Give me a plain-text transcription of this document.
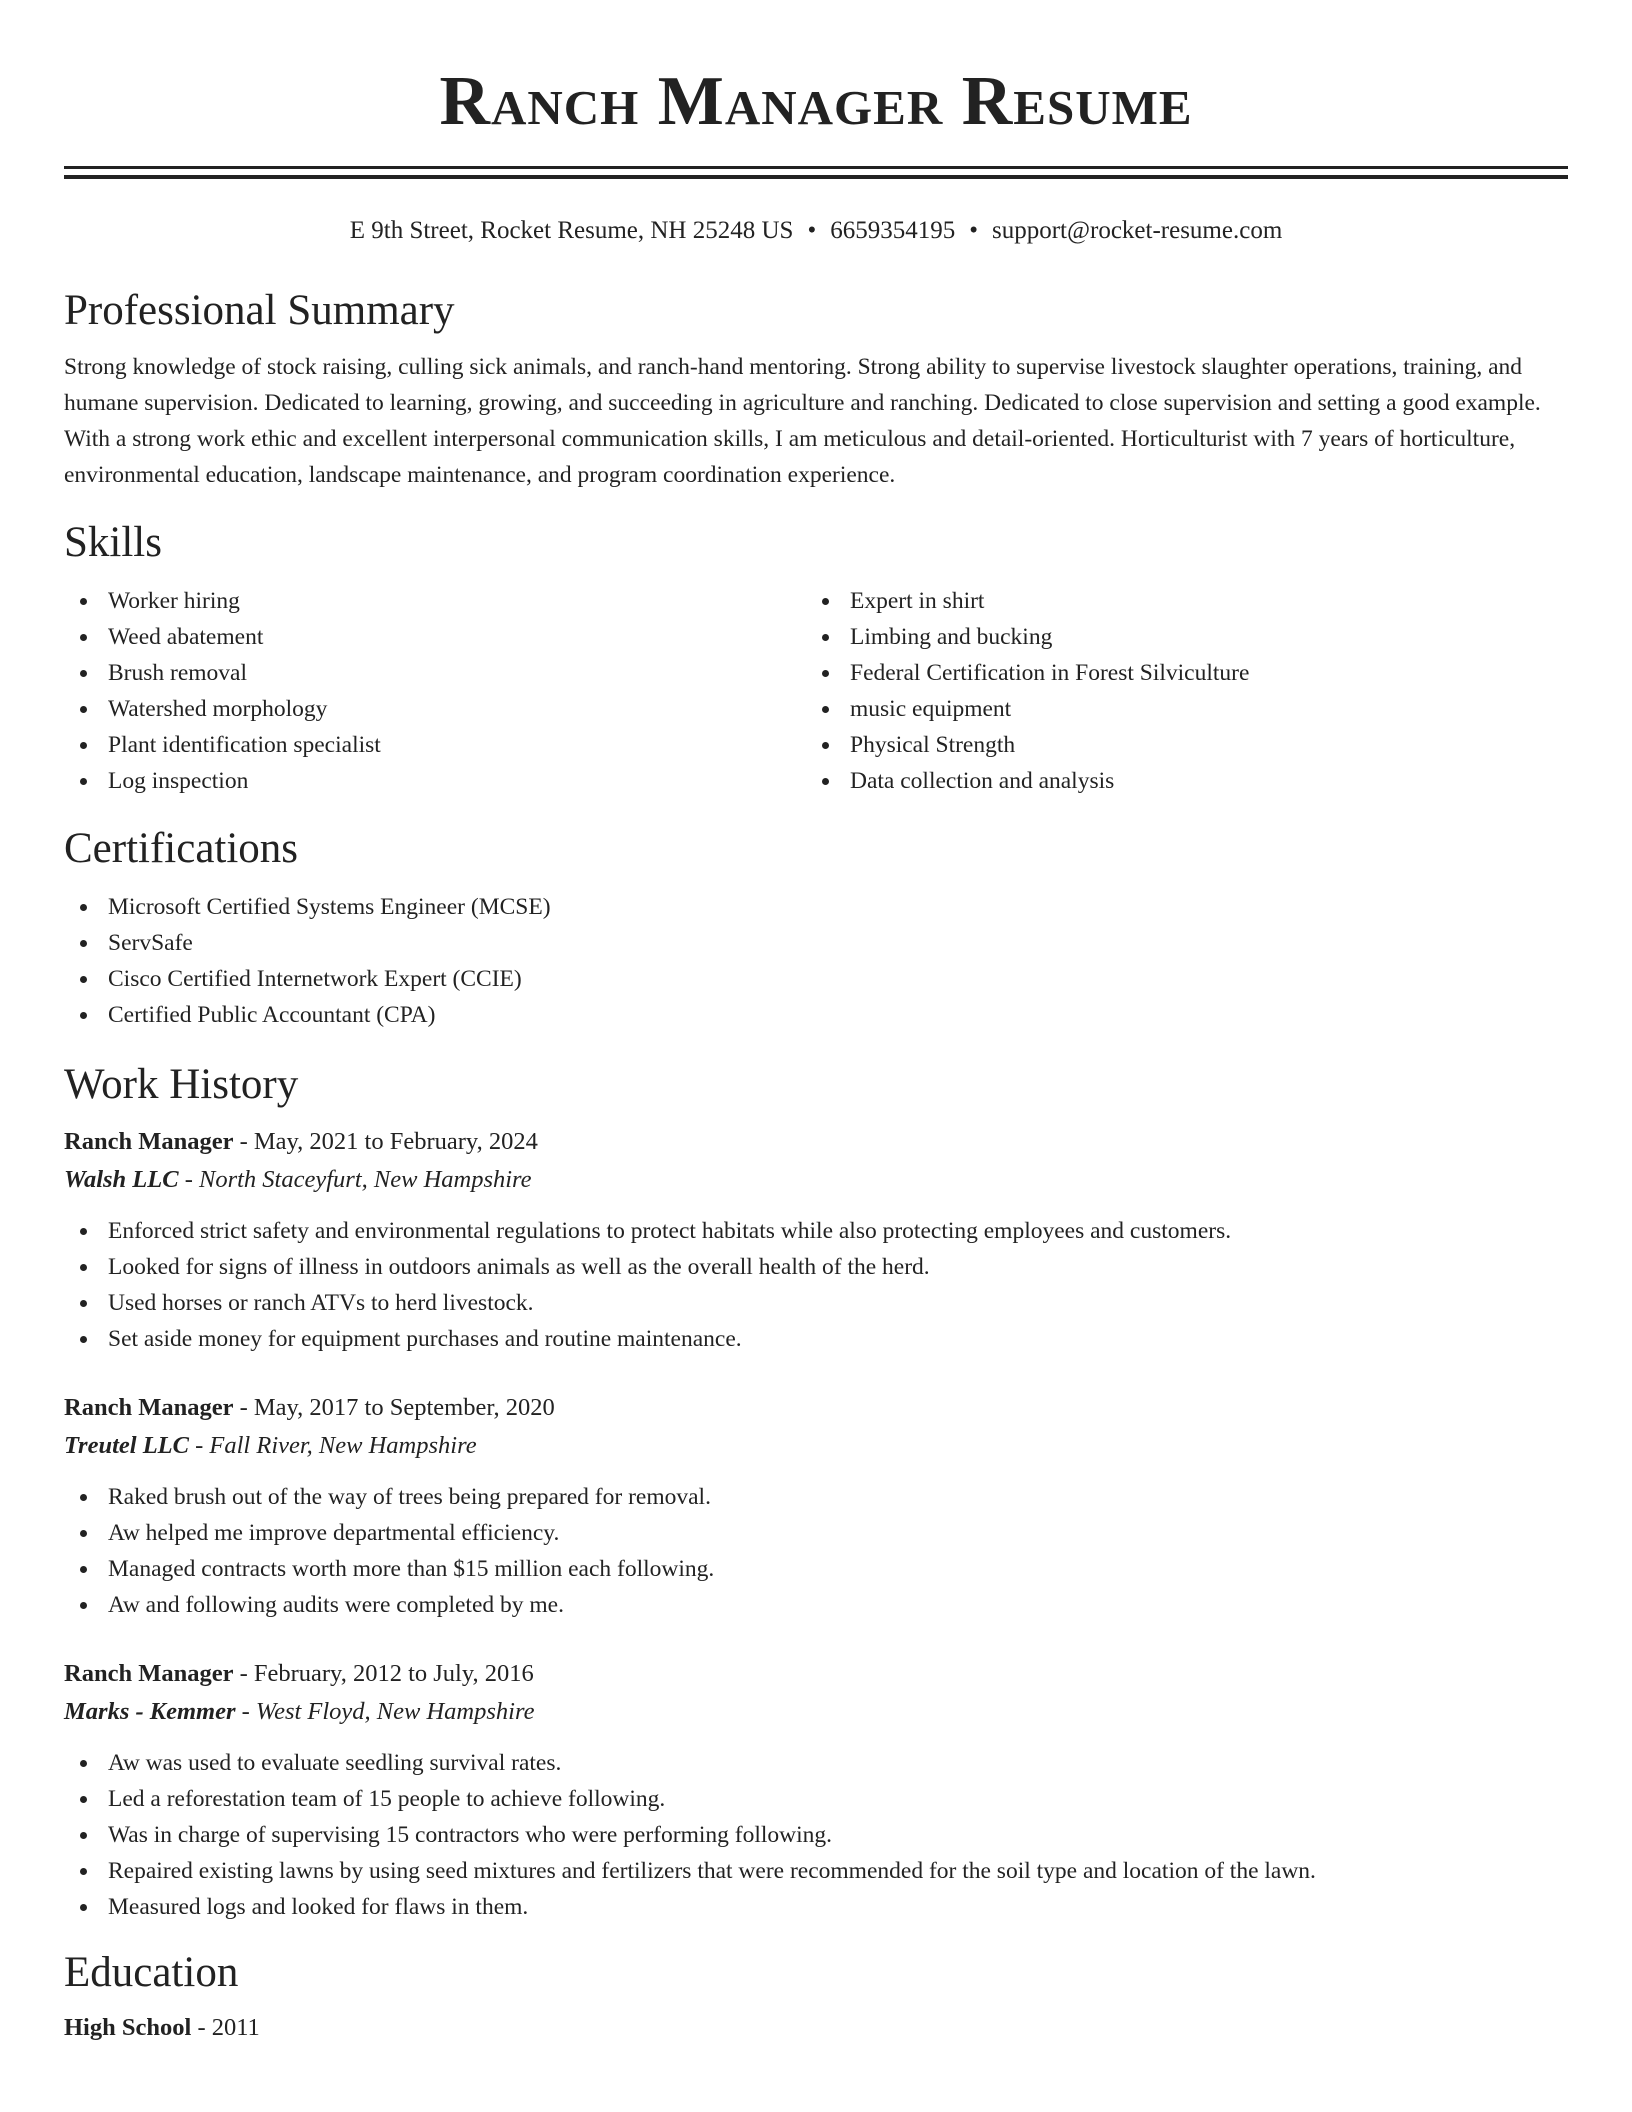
Ranch Manager Resume
E 9th Street, Rocket Resume, NH 25248 US • 6659354195 • support@rocket-resume.com
Professional Summary

Strong knowledge of stock raising, culling sick animals, and ranch-hand mentoring. Strong ability to supervise livestock slaughter operations, training, and humane supervision. Dedicated to learning, growing, and succeeding in agriculture and ranching. Dedicated to close supervision and setting a good example. With a strong work ethic and excellent interpersonal communication skills, I am meticulous and detail-oriented. Horticulturist with 7 years of horticulture, environmental education, landscape maintenance, and program coordination experience.

Skills
Worker hiring
Weed abatement
Brush removal
Watershed morphology
Plant identification specialist
Log inspection
Expert in shirt
Limbing and bucking
Federal Certification in Forest Silviculture
music equipment
Physical Strength
Data collection and analysis
Certifications
Microsoft Certified Systems Engineer (MCSE)
ServSafe
Cisco Certified Internetwork Expert (CCIE)
Certified Public Accountant (CPA)
Work History
Ranch Manager - May, 2021 to February, 2024
Walsh LLC - North Staceyfurt, New Hampshire
Enforced strict safety and environmental regulations to protect habitats while also protecting employees and customers.
Looked for signs of illness in outdoors animals as well as the overall health of the herd.
Used horses or ranch ATVs to herd livestock.
Set aside money for equipment purchases and routine maintenance.
Ranch Manager - May, 2017 to September, 2020
Treutel LLC - Fall River, New Hampshire
Raked brush out of the way of trees being prepared for removal.
Aw helped me improve departmental efficiency.
Managed contracts worth more than $15 million each following.
Aw and following audits were completed by me.
Ranch Manager - February, 2012 to July, 2016
Marks - Kemmer - West Floyd, New Hampshire
Aw was used to evaluate seedling survival rates.
Led a reforestation team of 15 people to achieve following.
Was in charge of supervising 15 contractors who were performing following.
Repaired existing lawns by using seed mixtures and fertilizers that were recommended for the soil type and location of the lawn.
Measured logs and looked for flaws in them.
Education
High School - 2011
